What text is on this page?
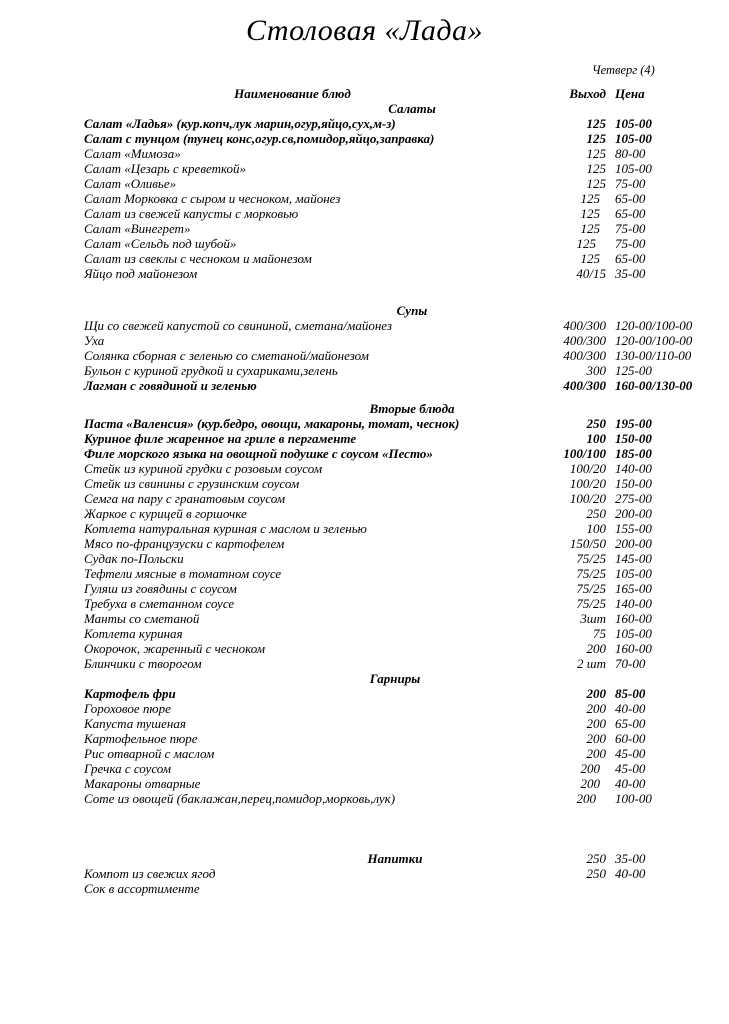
Столовая «Лада»
Четверг (4)
Наименование блюд	Выход Цена
Салаты
Салат «Ладья» (кур.копч,лук марин,огур,яйцо,сух,м-з)	125 105-00
Салат с тунцом (тунец конс,огур.св,помидор,яйцо,заправка)	125 105-00
Салат «Мимоза»	125 80-00
Салат «Цезарь с креветкой»	125 105-00
Салат «Оливье»	125 75-00
Салат Морковка с сыром и чесноком, майонез	125 65-00
Салат из свежей капусты с морковью	125 65-00
Салат «Винегрет»	125 75-00
Салат «Сельдь под шубой»	125 75-00
Салат из свеклы с чесноком и майонезом	125 65-00
Яйцо под майонезом	40/15 35-00
Супы
Щи со свежей капустой со свининой, сметана/майонез	400/300 120-00/100-00
Уха	400/300 120-00/100-00
Солянка сборная с зеленью со сметаной/майонезом	400/300 130-00/110-00
Бульон с куриной грудкой и сухариками,зелень	300 125-00
Лагман с говядиной и зеленью	400/300 160-00/130-00
Вторые блюда
Паста «Валенсия» (кур.бедро, овощи, макароны, томат, чеснок)	250 195-00
Куриное филе жаренное на гриле в пергаменте	100 150-00
Филе морского языка на овощной подушке с соусом «Песто»	100/100 185-00
Стейк из куриной грудки с розовым соусом	100/20 140-00
Стейк из свинины с грузинским соусом	100/20 150-00
Семга на пару с гранатовым соусом	100/20 275-00
Жаркое с курицей в горшочке	250 200-00
Котлета натуральная куриная с маслом и зеленью	100 155-00
Мясо по-французуски с картофелем	150/50 200-00
Судак по-Польски	75/25 145-00
Тефтели мясные в томатном соусе	75/25 105-00
Гуляш из говядины с соусом	75/25 165-00
Требуха в сметанном соусе	75/25 140-00
Манты со сметаной	3шт 160-00
Котлета куриная	75 105-00
Окорочок, жаренный с чесноком	200 160-00
Блинчики с творогом	2 шт 70-00
Гарниры
Картофель фри	200 85-00
Гороховое пюре	200 40-00
Капуста тушеная	200 65-00
Картофельное пюре	200 60-00
Рис отварной с маслом	200 45-00
Гречка с соусом	200 45-00
Макароны отварные	200 40-00
Соте из овощей (баклажан,перец,помидор,морковь,лук)	200 100-00
Напитки	250 35-00
Компот из свежих ягод	250 40-00
Сок в ассортименте
